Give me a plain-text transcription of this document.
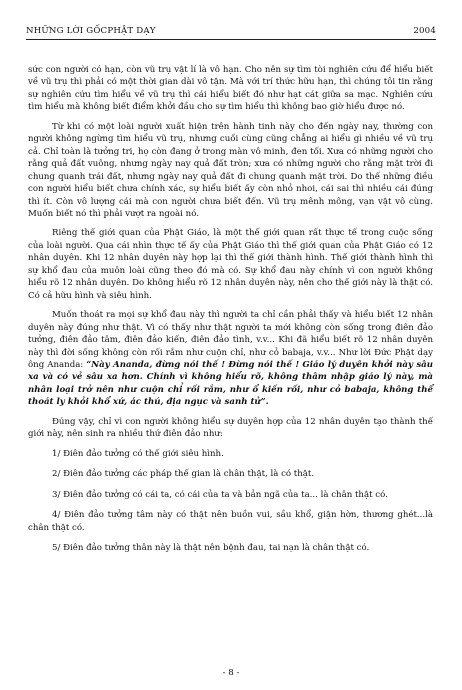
NHỮNG LỜI GỐCPHẬT DẠY	2004

sức con người có hạn, còn vũ trụ vật lí là vô hạn. Cho nên sự tìm tòi nghiên cứu để hiểu biết về vũ trụ thì phải có một thời gian dài vô tận. Mà với trí thức hữu hạn, thì chúng tôi tin rằng sự nghiên cứu tìm hiểu về vũ trụ thì cái hiểu biết đó như hạt cát giữa sa mạc. Nghiên cứu tìm hiểu mà không biết điểm khởi đầu cho sự tìm hiểu thì không bao giờ hiểu được nó.

Từ khi có một loài người xuất hiện trên hành tinh này cho đến ngày nay, thường con người không ngừng tìm hiểu vũ trụ, nhưng cuối cùng cũng chẳng ai hiểu gì nhiều về vũ trụ cả. Chỉ toàn là tưởng tri, họ còn đang ở trong màn vô minh, đen tối. Xưa có những người cho rằng quả đất vuông, nhưng ngày nay quả đất tròn; xưa có những người cho rằng mặt trời đi chung quanh trái đất, nhưng ngày nay quả đất đi chung quanh mặt trời. Do thế những điều con người hiểu biết chưa chính xác, sự hiểu biết ấy còn nhỏ nhoi, cái sai thì nhiều cái đúng thì ít. Còn vô lượng cái mà con người chưa biết đến. Vũ trụ mênh mông, vạn vật vô cùng. Muốn biết nó thì phải vượt ra ngoài nó.

Riêng thế giới quan của Phật Giáo, là một thế giới quan rất thực tế trong cuộc sống của loài người. Qua cái nhìn thực tế ấy của Phật Giáo thì thế giới quan của Phật Giáo có 12 nhân duyên. Khi 12 nhân duyên này hợp lại thì thế giới thành hình. Thế giới thành hình thì sự khổ đau của muôn loài cũng theo đó mà có. Sự khổ đau này chính vì con người không hiểu rõ 12 nhân duyên. Do không hiểu rõ 12 nhân duyên này, nên cho thế giới này là thật có. Có cả hữu hình và siêu hình.

Muốn thoát ra mọi sự khổ đau này thì người ta chỉ cần phải thấy và hiểu biết 12 nhân duyên này đúng như thật. Vì có thấy như thật người ta mới không còn sống trong điên đảo tưởng, điên đảo tâm, điên đảo kiến, điên đảo tình, v.v... Khi đã hiểu biết rõ 12 nhân duyên này thì đời sống không còn rối rắm như cuộn chỉ, như cỏ babaja, v.v... Như lời Đức Phật dạy ông Ananda: “Này Ananda, đừng nói thế ! Đừng nói thế ! Giáo lý duyên khởi này sâu xa và có vẻ sâu xa hơn. Chính vì không hiểu rõ, không thâm nhập giáo lý này, mà nhân loại trở nên như cuộn chỉ rối rắm, như ổ kiến rối, như cỏ babaja, không thể thoát ly khỏi khổ xứ, ác thú, địa ngục và sanh tử”.

Đúng vậy, chỉ vì con người không hiểu sự duyên hợp của 12 nhân duyên tạo thành thế giới này, nên sinh ra nhiều thứ điên đảo như:

1/ Điên đảo tưởng có thế giới siêu hình.

2/ Điên đảo tưởng các pháp thế gian là chân thật, là có thật.

3/ Điên đảo tưởng có cái ta, có cái của ta và bản ngã của ta... là chân thật có.

4/ Điên đảo tưởng tâm này có thật nên buồn vui, sầu khổ, giận hờn, thương ghét...là chân thật có.

5/ Điên đảo tưởng thân này là thật nên bệnh đau, tai nạn là chân thật có.

- 8 -
